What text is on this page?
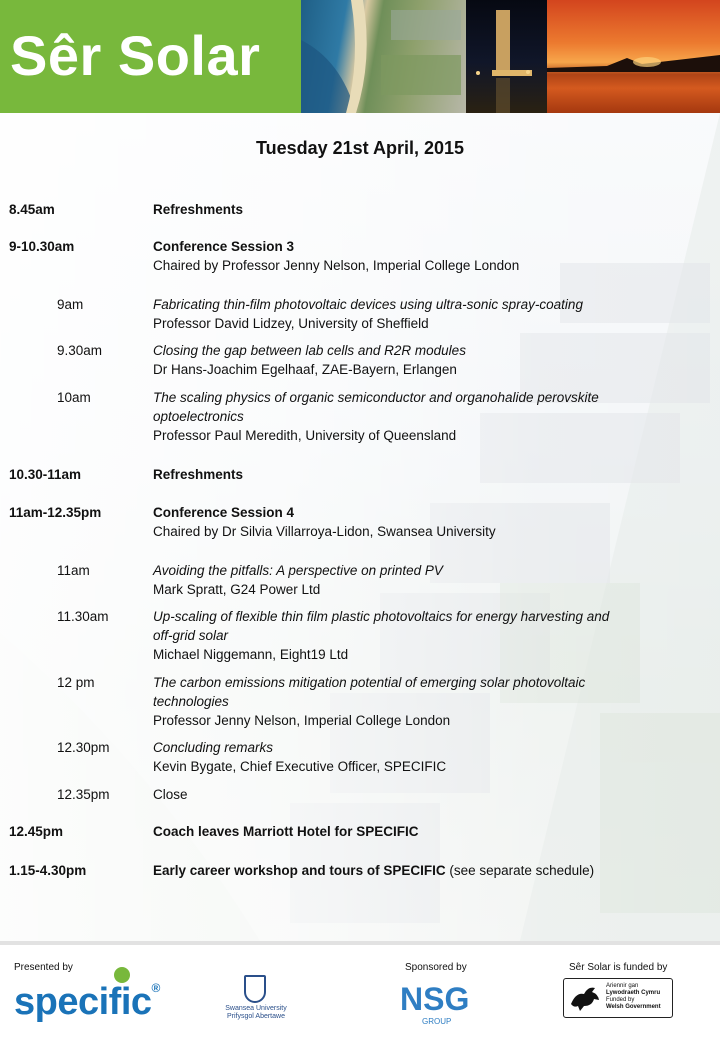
Sêr Solar
Tuesday 21st April, 2015
8.45am	Refreshments
9-10.30am	Conference Session 3
Chaired by Professor Jenny Nelson, Imperial College London
9am	Fabricating thin-film photovoltaic devices using ultra-sonic spray-coating
Professor David Lidzey, University of Sheffield
9.30am	Closing the gap between lab cells and R2R modules
Dr Hans-Joachim Egelhaaf, ZAE-Bayern, Erlangen
10am	The scaling physics of organic semiconductor and organohalide perovskite
optoelectronics
Professor Paul Meredith, University of Queensland
10.30-11am	Refreshments
11am-12.35pm	Conference Session 4
Chaired by Dr Silvia Villarroya-Lidon, Swansea University
11am	Avoiding the pitfalls: A perspective on printed PV
Mark Spratt, G24 Power Ltd
11.30am	Up-scaling of flexible thin film plastic photovoltaics for energy harvesting and
off-grid solar
Michael Niggemann, Eight19 Ltd
12 pm	The carbon emissions mitigation potential of emerging solar photovoltaic
technologies
Professor Jenny Nelson, Imperial College London
12.30pm	Concluding remarks
Kevin Bygate, Chief Executive Officer, SPECIFIC
12.35pm	Close
12.45pm	Coach leaves Marriott Hotel for SPECIFIC
1.15-4.30pm	Early career workshop and tours of SPECIFIC (see separate schedule)
Presented by
specific®
Swansea University
Prifysgol Abertawe
Sponsored by
NSG
GROUP
Sêr Solar is funded by
Ariennir gan
Lywodraeth Cymru
Funded by
Welsh Government
